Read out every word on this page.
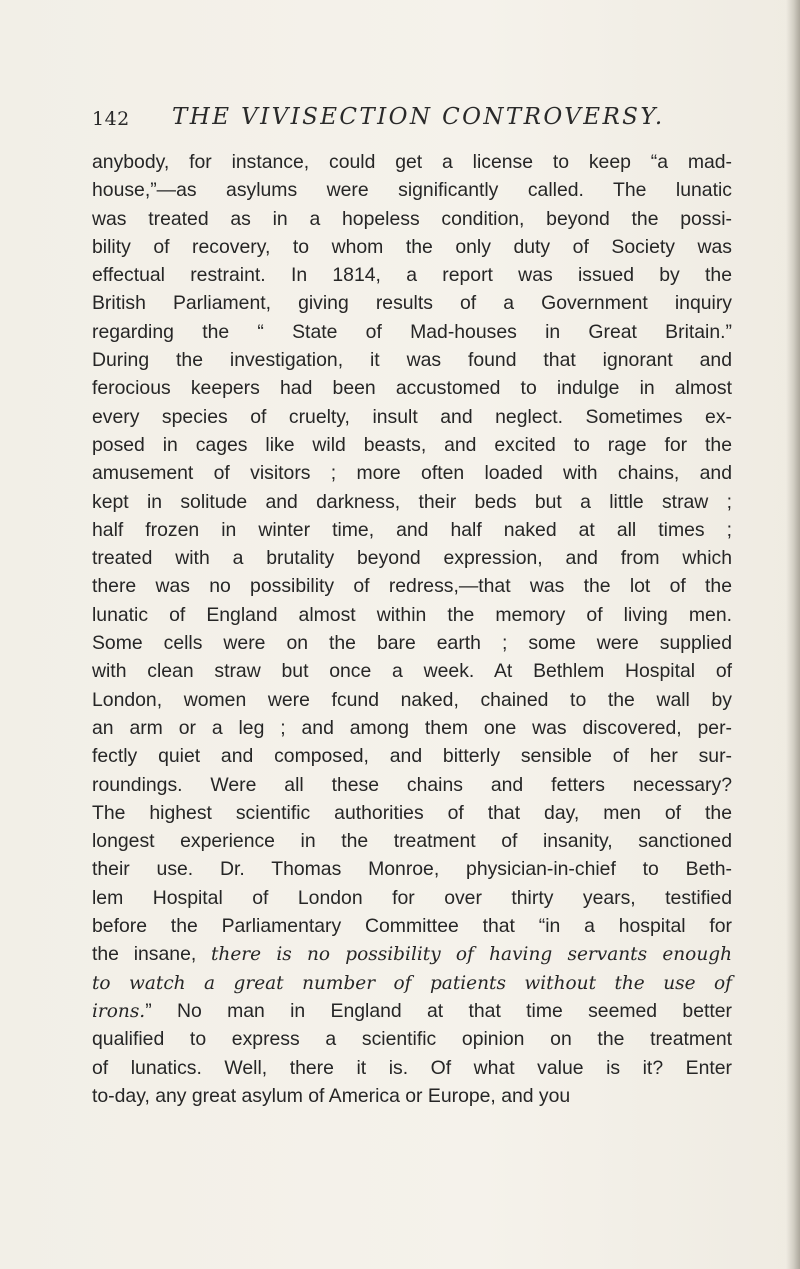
142 THE VIVISECTION CONTROVERSY.
anybody, for instance, could get a license to keep “a mad-
house,”—as asylums were significantly called. The lunatic
was treated as in a hopeless condition, beyond the possi-
bility of recovery, to whom the only duty of Society was
effectual restraint. In 1814, a report was issued by the
British Parliament, giving results of a Government inquiry
regarding the “ State of Mad-houses in Great Britain.”
During the investigation, it was found that ignorant and
ferocious keepers had been accustomed to indulge in almost
every species of cruelty, insult and neglect. Sometimes ex-
posed in cages like wild beasts, and excited to rage for the
amusement of visitors ; more often loaded with chains, and
kept in solitude and darkness, their beds but a little straw ;
half frozen in winter time, and half naked at all times ;
treated with a brutality beyond expression, and from which
there was no possibility of redress,—that was the lot of the
lunatic of England almost within the memory of living men.
Some cells were on the bare earth ; some were supplied
with clean straw but once a week. At Bethlem Hospital of
London, women were fcund naked, chained to the wall by
an arm or a leg ; and among them one was discovered, per-
fectly quiet and composed, and bitterly sensible of her sur-
roundings. Were all these chains and fetters necessary?
The highest scientific authorities of that day, men of the
longest experience in the treatment of insanity, sanctioned
their use. Dr. Thomas Monroe, physician-in-chief to Beth-
lem Hospital of London for over thirty years, testified
before the Parliamentary Committee that “in a hospital for
the insane, there is no possibility of having servants enough
to watch a great number of patients without the use of
irons.” No man in England at that time seemed better
qualified to express a scientific opinion on the treatment
of lunatics. Well, there it is. Of what value is it? Enter
to-day, any great asylum of America or Europe, and you
